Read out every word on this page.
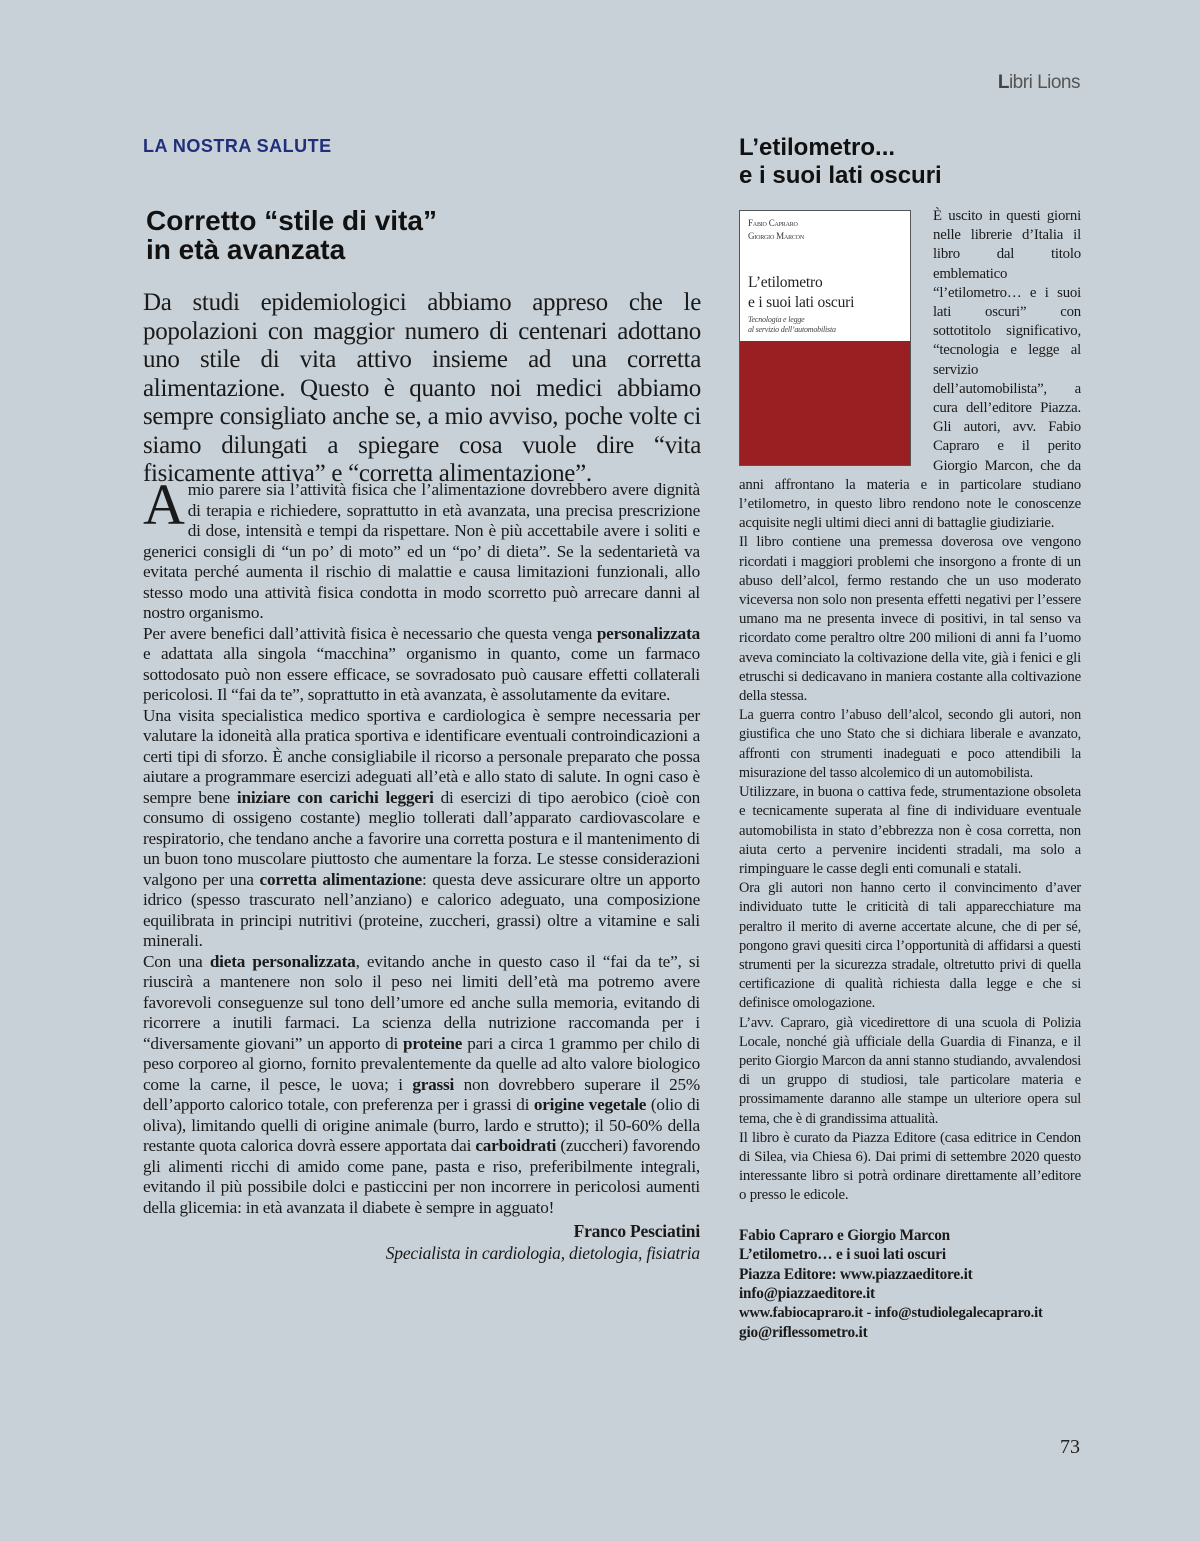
Libri Lions
LA NOSTRA SALUTE
Corretto “stile di vita”
in età avanzata

Da studi epidemiologici abbiamo appreso che le popolazioni con maggior numero di centenari adottano uno stile di vita attivo insieme ad una corretta alimentazione. Questo è quanto noi medici abbiamo sempre consigliato anche se, a mio avviso, poche volte ci siamo dilungati a spiegare cosa vuole dire “vita fisicamente attiva” e “corretta alimentazione”.

A mio parere sia l’attività fisica che l’alimentazione dovrebbero avere dignità di terapia e richiedere, soprattutto in età avanzata, una precisa prescrizione di dose, intensità e tempi da rispettare. Non è più accettabile avere i soliti e generici consigli di “un po’ di moto” ed un “po’ di dieta”. Se la sedentarietà va evitata perché aumenta il rischio di malattie e causa limitazioni funzionali, allo stesso modo una attività fisica condotta in modo scorretto può arrecare danni al nostro organismo.

Per avere benefici dall’attività fisica è necessario che questa venga personalizzata e adattata alla singola “macchina” organismo in quanto, come un farmaco sottodosato può non essere efficace, se sovradosato può causare effetti collaterali pericolosi. Il “fai da te”, soprattutto in età avanzata, è assolutamente da evitare.

Una visita specialistica medico sportiva e cardiologica è sempre necessaria per valutare la idoneità alla pratica sportiva e identificare eventuali controindicazioni a certi tipi di sforzo. È anche consigliabile il ricorso a personale preparato che possa aiutare a programmare esercizi adeguati all’età e allo stato di salute. In ogni caso è sempre bene iniziare con carichi leggeri di esercizi di tipo aerobico (cioè con consumo di ossigeno costante) meglio tollerati dall’apparato cardiovascolare e respiratorio, che tendano anche a favorire una corretta postura e il mantenimento di un buon tono muscolare piuttosto che aumentare la forza. Le stesse considerazioni valgono per una corretta alimentazione: questa deve assicurare oltre un apporto idrico (spesso trascurato nell’anziano) e calorico adeguato, una composizione equilibrata in principi nutritivi (proteine, zuccheri, grassi) oltre a vitamine e sali minerali.

Con una dieta personalizzata, evitando anche in questo caso il “fai da te”, si riuscirà a mantenere non solo il peso nei limiti dell’età ma potremo avere favorevoli conseguenze sul tono dell’umore ed anche sulla memoria, evitando di ricorrere a inutili farmaci. La scienza della nutrizione raccomanda per i “diversamente giovani” un apporto di proteine pari a circa 1 grammo per chilo di peso corporeo al giorno, fornito prevalentemente da quelle ad alto valore biologico come la carne, il pesce, le uova; i grassi non dovrebbero superare il 25% dell’apporto calorico totale, con preferenza per i grassi di origine vegetale (olio di oliva), limitando quelli di origine animale (burro, lardo e strutto); il 50-60% della restante quota calorica dovrà essere apportata dai carboidrati (zuccheri) favorendo gli alimenti ricchi di amido come pane, pasta e riso, preferibilmente integrali, evitando il più possibile dolci e pasticcini per non incorrere in pericolosi aumenti della glicemia: in età avanzata il diabete è sempre in agguato!

Franco Pesciatini
Specialista in cardiologia, dietologia, fisiatria
L’etilometro...
e i suoi lati oscuri
Fabio Capraro
Giorgio Marcon
L’etilometro
e i suoi lati oscuri
Tecnologia e legge
al servizio dell’automobilista

È uscito in questi giorni nelle librerie d’Italia il libro dal titolo emblematico “l’etilometro… e i suoi lati oscuri” con sottotitolo significativo, “tecnologia e legge al servizio dell’automobilista”, a cura dell’editore Piazza. Gli autori, avv. Fabio Capraro e il perito Giorgio Marcon, che da anni affrontano la materia e in particolare studiano l’etilometro, in questo libro rendono note le conoscenze acquisite negli ultimi dieci anni di battaglie giudiziarie.

Il libro contiene una premessa doverosa ove vengono ricordati i maggiori problemi che insorgono a fronte di un abuso dell’alcol, fermo restando che un uso moderato viceversa non solo non presenta effetti negativi per l’essere umano ma ne presenta invece di positivi, in tal senso va ricordato come peraltro oltre 200 milioni di anni fa l’uomo aveva cominciato la coltivazione della vite, già i fenici e gli etruschi si dedicavano in maniera costante alla coltivazione della stessa.

La guerra contro l’abuso dell’alcol, secondo gli autori, non giustifica che uno Stato che si dichiara liberale e avanzato, affronti con strumenti inadeguati e poco attendibili la misurazione del tasso alcolemico di un automobilista.

Utilizzare, in buona o cattiva fede, strumentazione obsoleta e tecnicamente superata al fine di individuare eventuale automobilista in stato d’ebbrezza non è cosa corretta, non aiuta certo a pervenire incidenti stradali, ma solo a rimpinguare le casse degli enti comunali e statali.

Ora gli autori non hanno certo il convincimento d’aver individuato tutte le criticità di tali apparecchiature ma peraltro il merito di averne accertate alcune, che di per sé, pongono gravi quesiti circa l’opportunità di affidarsi a questi strumenti per la sicurezza stradale, oltretutto privi di quella certificazione di qualità richiesta dalla legge e che si definisce omologazione.

L’avv. Capraro, già vicedirettore di una scuola di Polizia Locale, nonché già ufficiale della Guardia di Finanza, e il perito Giorgio Marcon da anni stanno studiando, avvalendosi di un gruppo di studiosi, tale particolare materia e prossimamente daranno alle stampe un ulteriore opera sul tema, che è di grandissima attualità.

Il libro è curato da Piazza Editore (casa editrice in Cendon di Silea, via Chiesa 6). Dai primi di settembre 2020 questo interessante libro si potrà ordinare direttamente all’editore o presso le edicole.

Fabio Capraro e Giorgio Marcon
L’etilometro… e i suoi lati oscuri
Piazza Editore: www.piazzaeditore.it
info@piazzaeditore.it
www.fabiocapraro.it - info@studiolegalecapraro.it
gio@riflessometro.it
73
